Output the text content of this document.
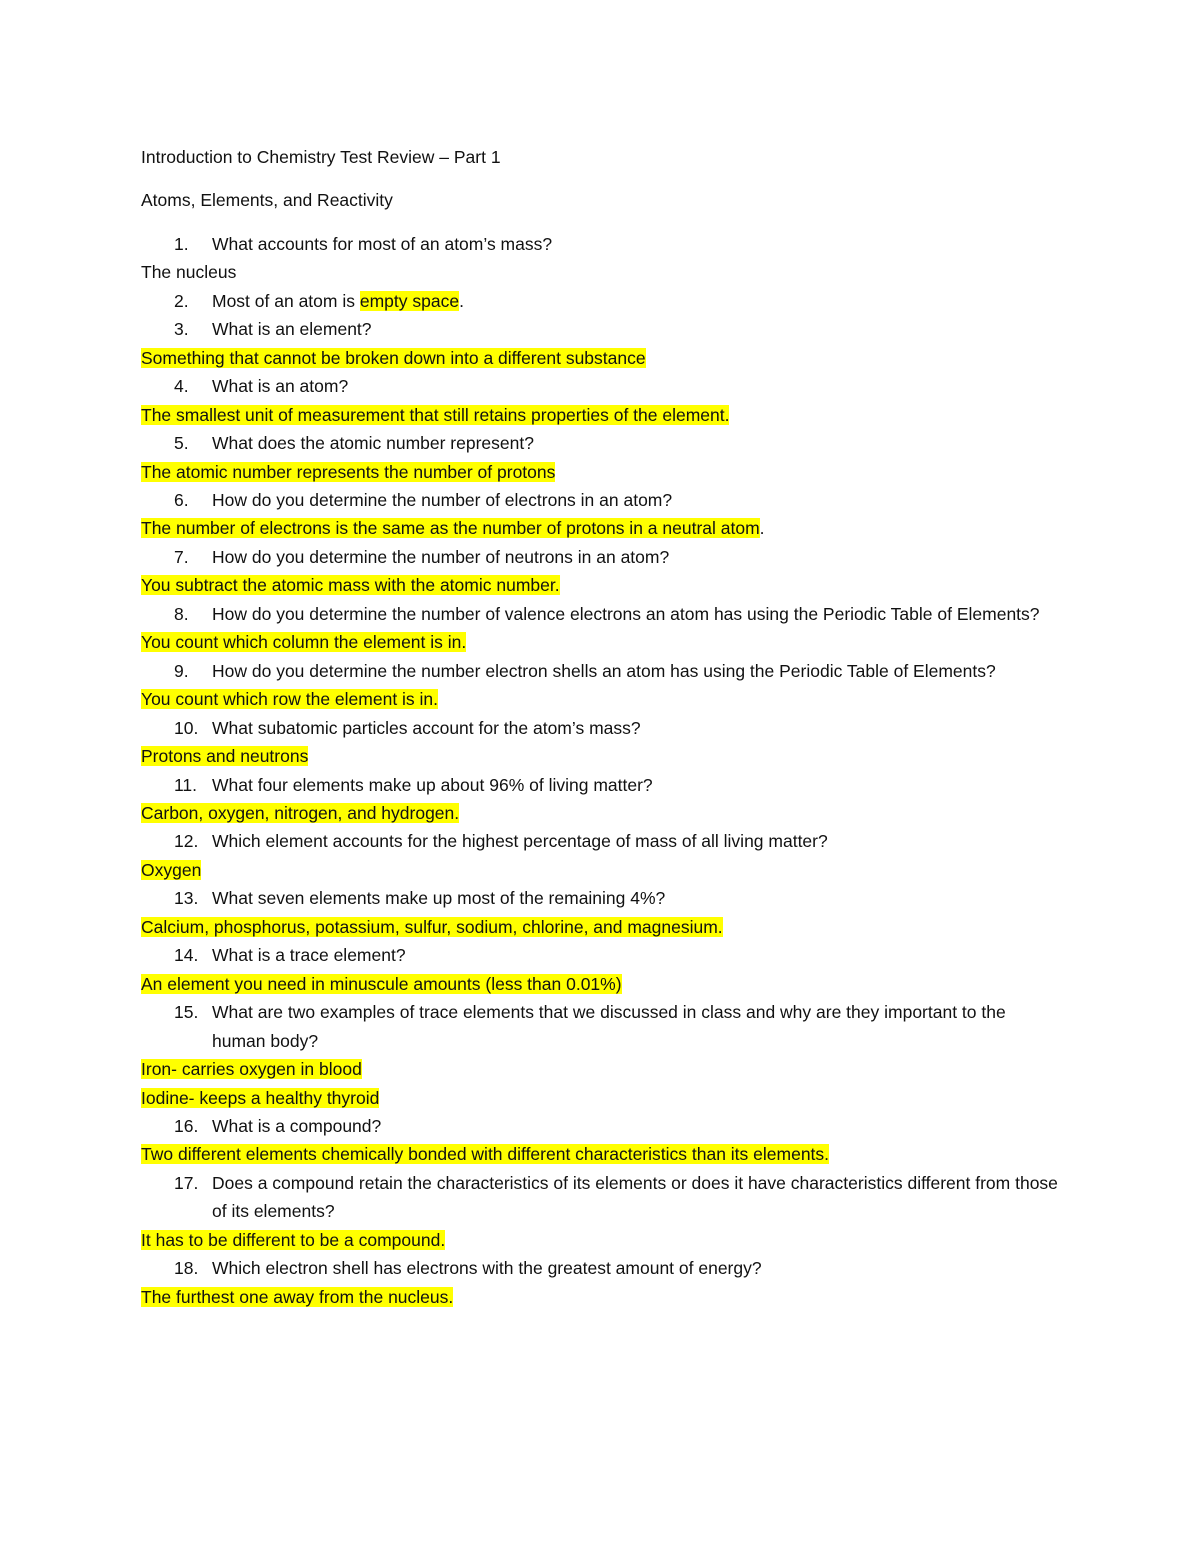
Introduction to Chemistry Test Review – Part 1
Atoms, Elements, and Reactivity
1. What accounts for most of an atom’s mass?
The nucleus
2. Most of an atom is empty space.
3. What is an element?
Something that cannot be broken down into a different substance
4. What is an atom?
The smallest unit of measurement that still retains properties of the element.
5. What does the atomic number represent?
The atomic number represents the number of protons
6. How do you determine the number of electrons in an atom?
The number of electrons is the same as the number of protons in a neutral atom.
7. How do you determine the number of neutrons in an atom?
You subtract the atomic mass with the atomic number.
8. How do you determine the number of valence electrons an atom has using the Periodic Table of Elements?
You count which column the element is in.
9. How do you determine the number electron shells an atom has using the Periodic Table of Elements?
You count which row the element is in.
10. What subatomic particles account for the atom’s mass?
Protons and neutrons
11. What four elements make up about 96% of living matter?
Carbon, oxygen, nitrogen, and hydrogen.
12. Which element accounts for the highest percentage of mass of all living matter?
Oxygen
13. What seven elements make up most of the remaining 4%?
Calcium, phosphorus, potassium, sulfur, sodium, chlorine, and magnesium.
14. What is a trace element?
An element you need in minuscule amounts (less than 0.01%)
15. What are two examples of trace elements that we discussed in class and why are they important to the human body?
Iron- carries oxygen in blood
Iodine- keeps a healthy thyroid
16. What is a compound?
Two different elements chemically bonded with different characteristics than its elements.
17. Does a compound retain the characteristics of its elements or does it have characteristics different from those of its elements?
It has to be different to be a compound.
18. Which electron shell has electrons with the greatest amount of energy?
The furthest one away from the nucleus.
